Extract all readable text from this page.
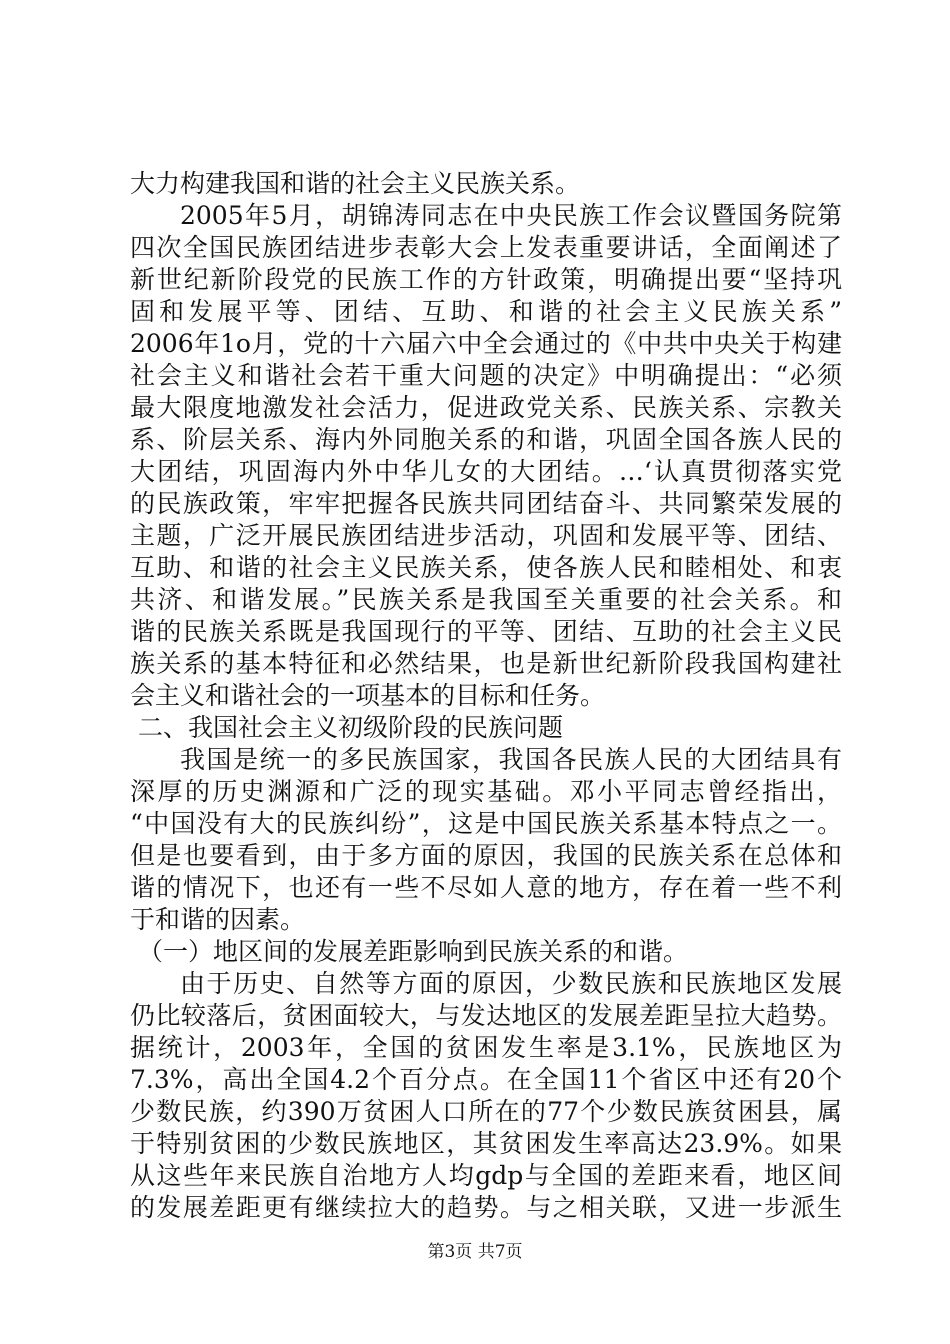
大力构建我国和谐的社会主义民族关系。
2005年5月，胡锦涛同志在中央民族工作会议暨国务院第
四次全国民族团结进步表彰大会上发表重要讲话，全面阐述了
新世纪新阶段党的民族工作的方针政策，明确提出要“坚持巩
固和发展平等、团结、互助、和谐的社会主义民族关系”
2006年1o月，党的十六届六中全会通过的《中共中央关于构建
社会主义和谐社会若干重大问题的决定》中明确提出：“必须
最大限度地激发社会活力，促进政党关系、民族关系、宗教关
系、阶层关系、海内外同胞关系的和谐，巩固全国各族人民的
大团结，巩固海内外中华儿女的大团结。…‘认真贯彻落实党
的民族政策，牢牢把握各民族共同团结奋斗、共同繁荣发展的
主题，广泛开展民族团结进步活动，巩固和发展平等、团结、
互助、和谐的社会主义民族关系，使各族人民和睦相处、和衷
共济、和谐发展。”民族关系是我国至关重要的社会关系。和
谐的民族关系既是我国现行的平等、团结、互助的社会主义民
族关系的基本特征和必然结果，也是新世纪新阶段我国构建社
会主义和谐社会的一项基本的目标和任务。
二、我国社会主义初级阶段的民族问题
我国是统一的多民族国家，我国各民族人民的大团结具有
深厚的历史渊源和广泛的现实基础。邓小平同志曾经指出，
“中国没有大的民族纠纷”，这是中国民族关系基本特点之一。
但是也要看到，由于多方面的原因，我国的民族关系在总体和
谐的情况下，也还有一些不尽如人意的地方，存在着一些不利
于和谐的因素。
（一）地区间的发展差距影响到民族关系的和谐。
由于历史、自然等方面的原因，少数民族和民族地区发展
仍比较落后，贫困面较大，与发达地区的发展差距呈拉大趋势。
据统计，2003年，全国的贫困发生率是3.1%，民族地区为
7.3%，高出全国4.2个百分点。在全国11个省区中还有20个
少数民族，约390万贫困人口所在的77个少数民族贫困县，属
于特别贫困的少数民族地区，其贫困发生率高达23.9%。如果
从这些年来民族自治地方人均gdp与全国的差距来看，地区间
的发展差距更有继续拉大的趋势。与之相关联，又进一步派生
第3页 共7页
